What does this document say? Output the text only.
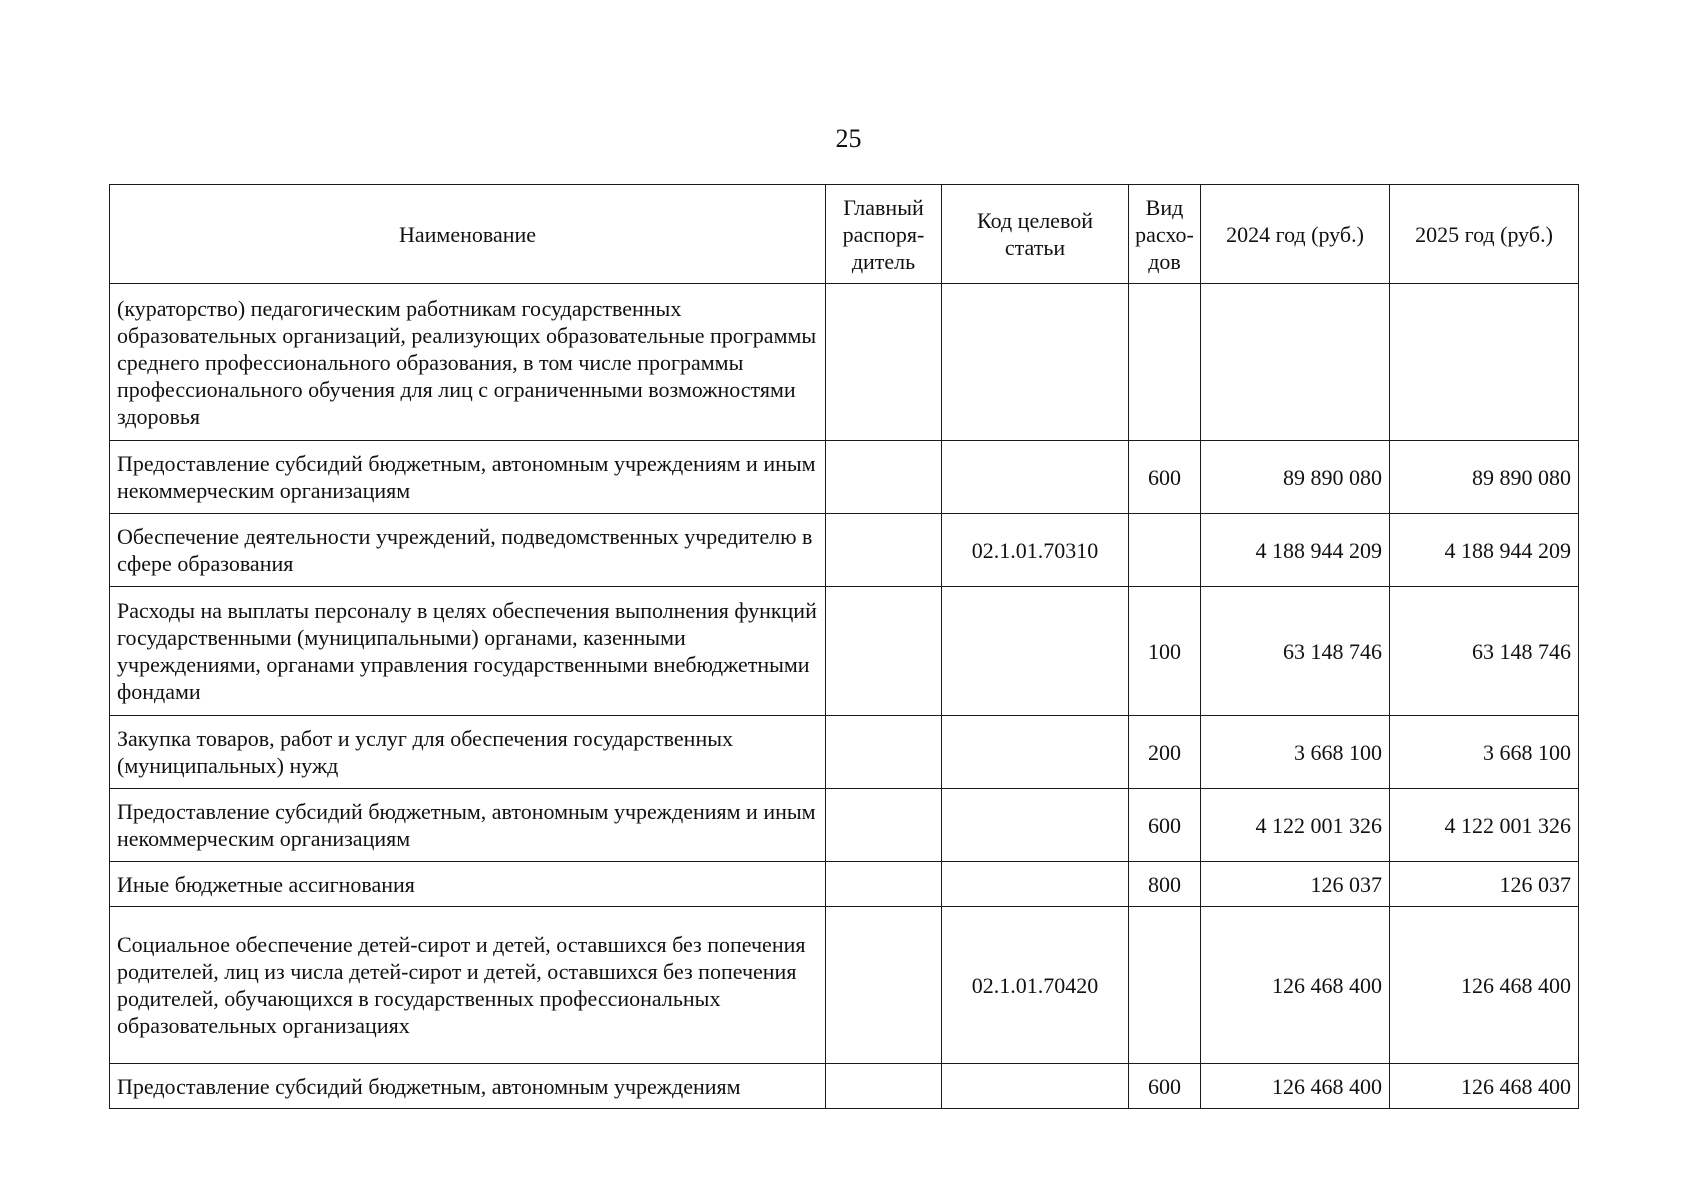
25
Наименование	Главный распоря-дитель	Код целевой статьи	Вид расхо-дов	2024 год (руб.)	2025 год (руб.)
(кураторство) педагогическим работникам государственных образовательных организаций, реализующих образовательные программы среднего профессионального образования, в том числе программы профессионального обучения для лиц с ограниченными возможностями здоровья					
Предоставление субсидий бюджетным, автономным учреждениям и иным некоммерческим организациям			600	89 890 080	89 890 080
Обеспечение деятельности учреждений, подведомственных учредителю в сфере образования		02.1.01.70310		4 188 944 209	4 188 944 209
Расходы на выплаты персоналу в целях обеспечения выполнения функций государственными (муниципальными) органами, казенными учреждениями, органами управления государственными внебюджетными фондами			100	63 148 746	63 148 746
Закупка товаров, работ и услуг для обеспечения государственных (муниципальных) нужд			200	3 668 100	3 668 100
Предоставление субсидий бюджетным, автономным учреждениям и иным некоммерческим организациям			600	4 122 001 326	4 122 001 326
Иные бюджетные ассигнования			800	126 037	126 037
Социальное обеспечение детей-сирот и детей, оставшихся без попечения родителей, лиц из числа детей-сирот и детей, оставшихся без попечения родителей, обучающихся в государственных профессиональных образовательных организациях		02.1.01.70420		126 468 400	126 468 400
Предоставление субсидий бюджетным, автономным учреждениям			600	126 468 400	126 468 400
